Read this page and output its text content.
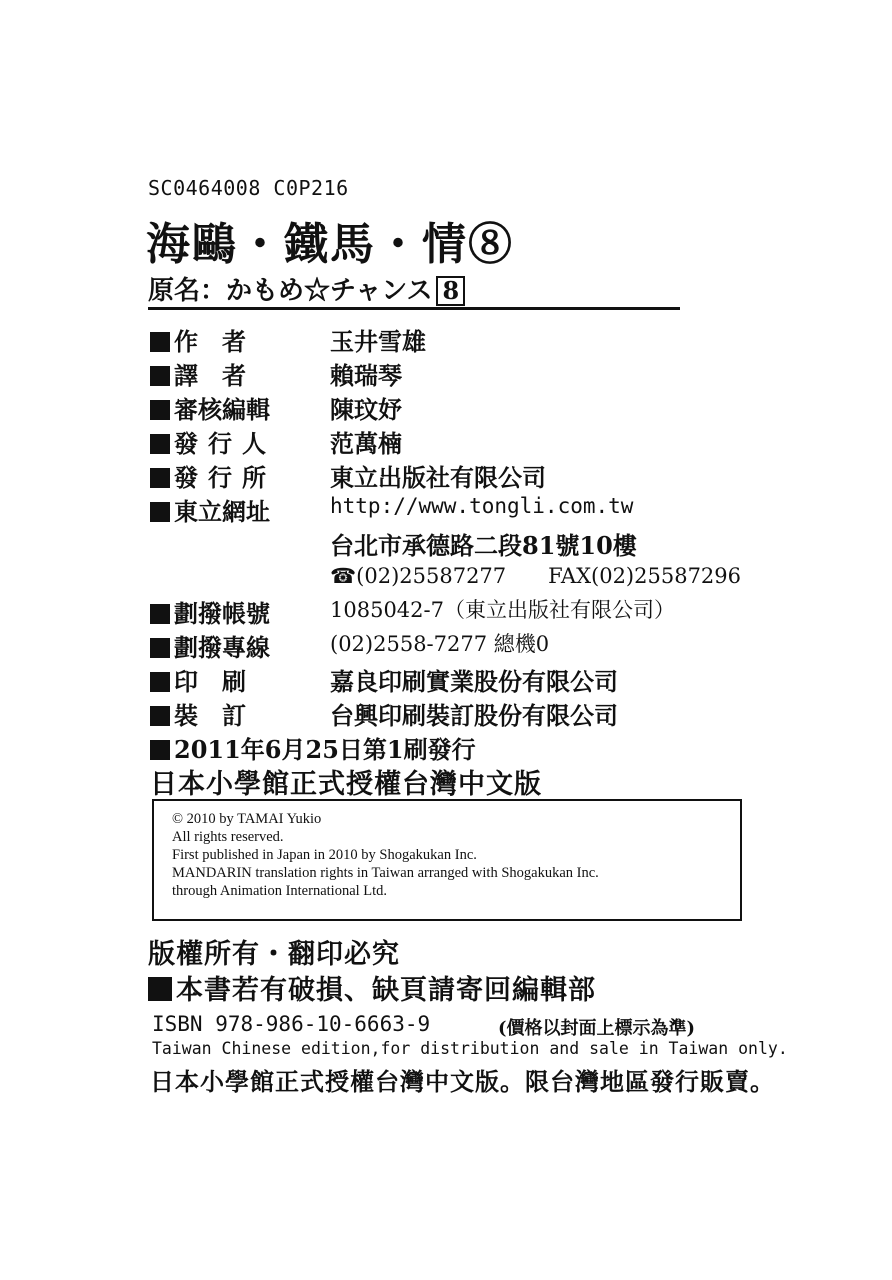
SC0464008 C0P216
海鷗・鐵馬・情⑧
原名：かもめ☆チャンス 8
作　者	玉井雪雄
譯　者	賴瑞琴
審核編輯	陳玟妤
發行人	范萬楠
發行所	東立出版社有限公司
東立網址	http://www.tongli.com.tw
台北市承德路二段81號10樓
☎(02)25587277　　FAX(02)25587296
劃撥帳號	1085042-7（東立出版社有限公司）
劃撥專線	(02)2558-7277 總機0
印　刷	嘉良印刷實業股份有限公司
裝　訂	台興印刷裝訂股份有限公司
2011年6月25日第1刷發行
日本小學館正式授權台灣中文版
© 2010 by TAMAI Yukio
All rights reserved.
First published in Japan in 2010 by Shogakukan Inc.
MANDARIN translation rights in Taiwan arranged with Shogakukan Inc.
through Animation International Ltd.
版權所有・翻印必究
本書若有破損、缺頁請寄回編輯部
ISBN 978-986-10-6663-9	(價格以封面上標示為準)
Taiwan Chinese edition,for distribution and sale in Taiwan only.
日本小學館正式授權台灣中文版。限台灣地區發行販賣。
